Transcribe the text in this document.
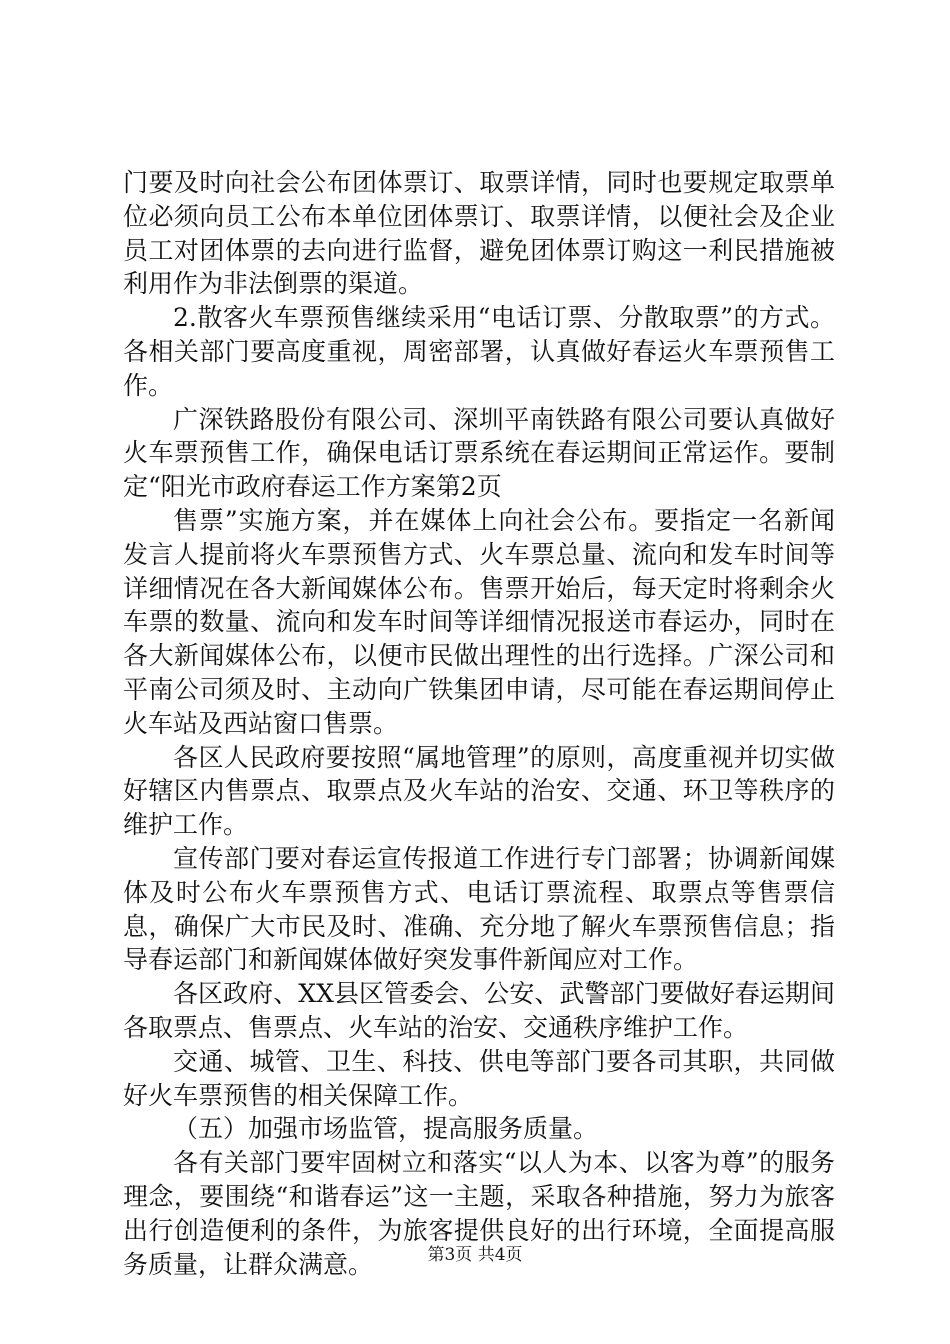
门要及时向社会公布团体票订、取票详情，同时也要规定取票单位必须向员工公布本单位团体票订、取票详情，以便社会及企业员工对团体票的去向进行监督，避免团体票订购这一利民措施被利用作为非法倒票的渠道。

2.散客火车票预售继续采用“电话订票、分散取票”的方式。各相关部门要高度重视，周密部署，认真做好春运火车票预售工作。

广深铁路股份有限公司、深圳平南铁路有限公司要认真做好火车票预售工作，确保电话订票系统在春运期间正常运作。要制定“阳光市政府春运工作方案第2页

售票”实施方案，并在媒体上向社会公布。要指定一名新闻发言人提前将火车票预售方式、火车票总量、流向和发车时间等详细情况在各大新闻媒体公布。售票开始后，每天定时将剩余火车票的数量、流向和发车时间等详细情况报送市春运办，同时在各大新闻媒体公布，以便市民做出理性的出行选择。广深公司和平南公司须及时、主动向广铁集团申请，尽可能在春运期间停止火车站及西站窗口售票。

各区人民政府要按照“属地管理”的原则，高度重视并切实做好辖区内售票点、取票点及火车站的治安、交通、环卫等秩序的维护工作。

宣传部门要对春运宣传报道工作进行专门部署；协调新闻媒体及时公布火车票预售方式、电话订票流程、取票点等售票信息，确保广大市民及时、准确、充分地了解火车票预售信息；指导春运部门和新闻媒体做好突发事件新闻应对工作。

各区政府、XX县区管委会、公安、武警部门要做好春运期间各取票点、售票点、火车站的治安、交通秩序维护工作。

交通、城管、卫生、科技、供电等部门要各司其职，共同做好火车票预售的相关保障工作。

（五）加强市场监管，提高服务质量。

各有关部门要牢固树立和落实“以人为本、以客为尊”的服务理念，要围绕“和谐春运”这一主题，采取各种措施，努力为旅客出行创造便利的条件，为旅客提供良好的出行环境，全面提高服务质量，让群众满意。	第3页 共4页
